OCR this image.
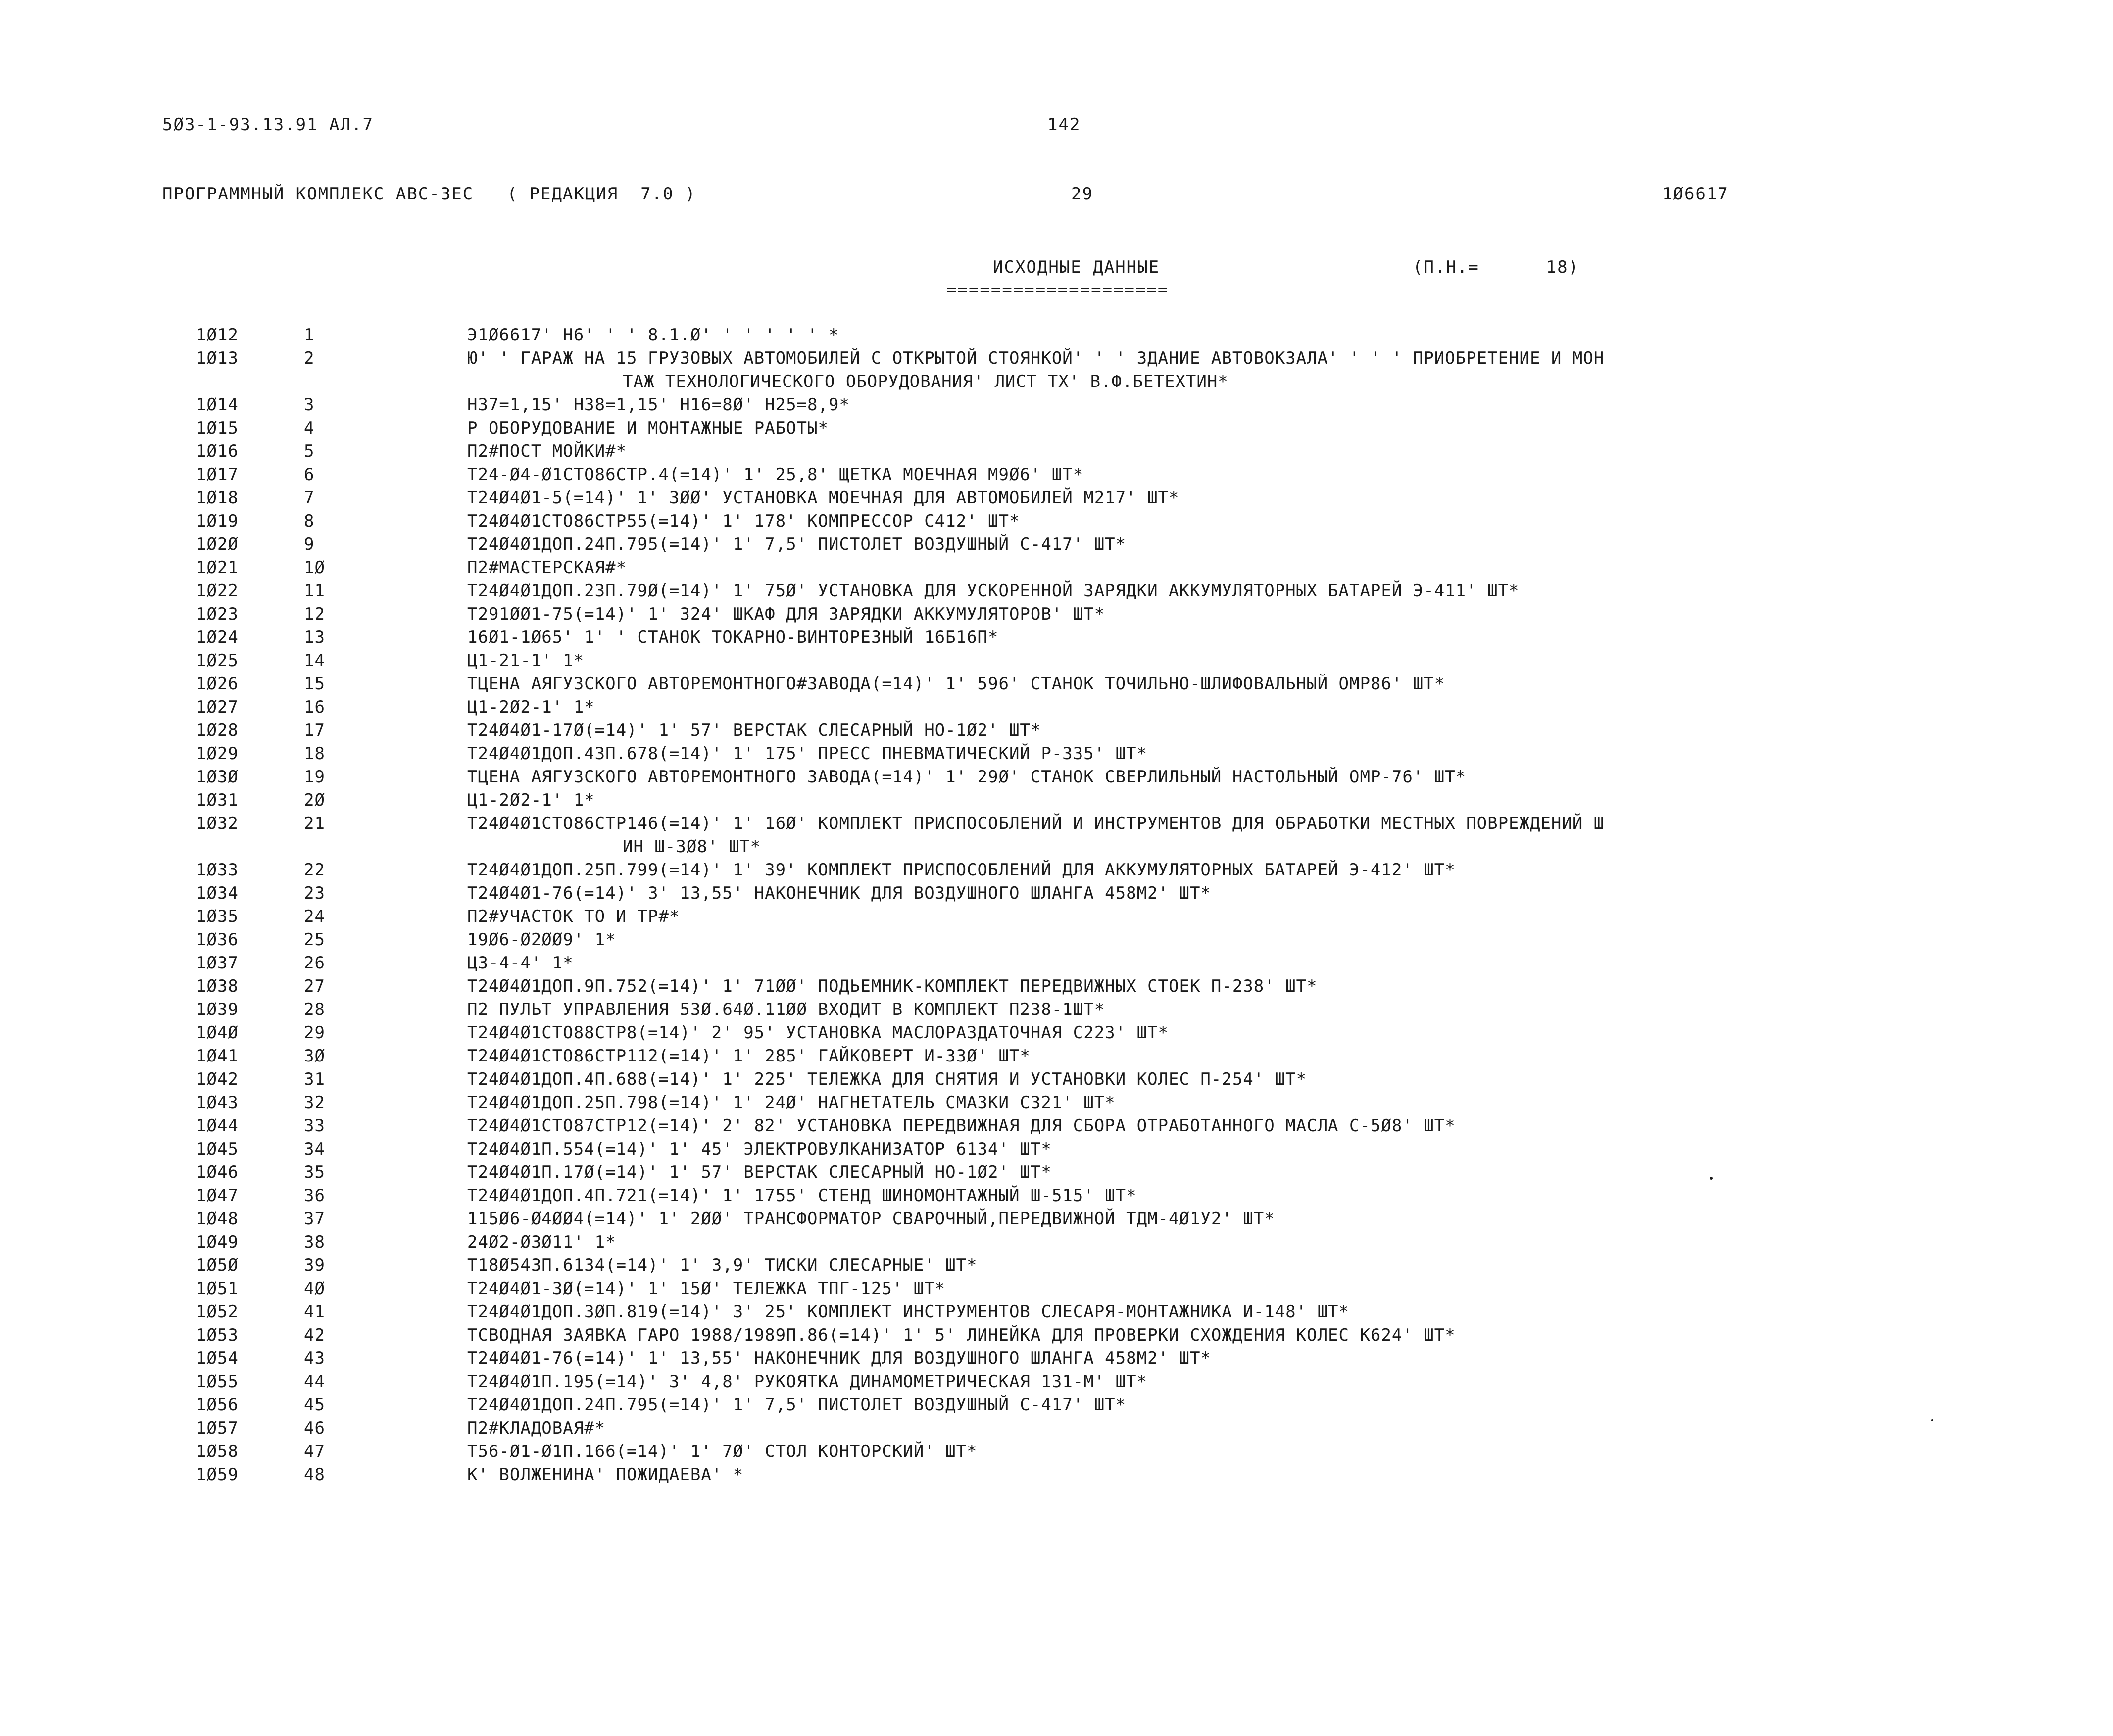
5Ø3-1-93.13.91 АЛ.7	142
ПРОГРАММНЫЙ КОМПЛЕКС АВС-3ЕС   ( РЕДАКЦИЯ  7.0 )	29	1Ø6617
ИСХОДНЫЕ ДАННЫЕ
====================
(П.Н.=      18)
1Ø12	1	Э1Ø6617' Н6' ' ' 8.1.Ø' ' ' ' ' ' *
1Ø13	2	Ю' ' ГАРАЖ НА 15 ГРУЗОВЫХ АВТОМОБИЛЕЙ С ОТКРЫТОЙ СТОЯНКОЙ' ' ' ЗДАНИЕ АВТОВОКЗАЛА' ' ' ' ПРИОБРЕТЕНИЕ И МОН
ТАЖ ТЕХНОЛОГИЧЕСКОГО ОБОРУДОВАНИЯ' ЛИСТ ТХ' В.Ф.БЕТЕХТИН*
1Ø14	3	Н37=1,15' Н38=1,15' Н16=8Ø' Н25=8,9*
1Ø15	4	Р ОБОРУДОВАНИЕ И МОНТАЖНЫЕ РАБОТЫ*
1Ø16	5	П2#ПОСТ МОЙКИ#*
1Ø17	6	Т24-Ø4-Ø1СТО86СТР.4(=14)' 1' 25,8' ЩЕТКА МОЕЧНАЯ М9Ø6' ШТ*
1Ø18	7	Т24Ø4Ø1-5(=14)' 1' 3ØØ' УСТАНОВКА МОЕЧНАЯ ДЛЯ АВТОМОБИЛЕЙ М217' ШТ*
1Ø19	8	Т24Ø4Ø1СТО86СТР55(=14)' 1' 178' КОМПРЕССОР С412' ШТ*
1Ø2Ø	9	Т24Ø4Ø1ДОП.24П.795(=14)' 1' 7,5' ПИСТОЛЕТ ВОЗДУШНЫЙ С-417' ШТ*
1Ø21	1Ø	П2#МАСТЕРСКАЯ#*
1Ø22	11	Т24Ø4Ø1ДОП.23П.79Ø(=14)' 1' 75Ø' УСТАНОВКА ДЛЯ УСКОРЕННОЙ ЗАРЯДКИ АККУМУЛЯТОРНЫХ БАТАРЕЙ Э-411' ШТ*
1Ø23	12	Т291ØØ1-75(=14)' 1' 324' ШКАФ ДЛЯ ЗАРЯДКИ АККУМУЛЯТОРОВ' ШТ*
1Ø24	13	16Ø1-1Ø65' 1' ' СТАНОК ТОКАРНО-ВИНТОРЕЗНЫЙ 16Б16П*
1Ø25	14	Ц1-21-1' 1*
1Ø26	15	ТЦЕНА АЯГУЗСКОГО АВТОРЕМОНТНОГО#ЗАВОДА(=14)' 1' 596' СТАНОК ТОЧИЛЬНО-ШЛИФОВАЛЬНЫЙ ОМР86' ШТ*
1Ø27	16	Ц1-2Ø2-1' 1*
1Ø28	17	Т24Ø4Ø1-17Ø(=14)' 1' 57' ВЕРСТАК СЛЕСАРНЫЙ НО-1Ø2' ШТ*
1Ø29	18	Т24Ø4Ø1ДОП.43П.678(=14)' 1' 175' ПРЕСС ПНЕВМАТИЧЕСКИЙ Р-335' ШТ*
1Ø3Ø	19	ТЦЕНА АЯГУЗСКОГО АВТОРЕМОНТНОГО ЗАВОДА(=14)' 1' 29Ø' СТАНОК СВЕРЛИЛЬНЫЙ НАСТОЛЬНЫЙ ОМР-76' ШТ*
1Ø31	2Ø	Ц1-2Ø2-1' 1*
1Ø32	21	Т24Ø4Ø1СТО86СТР146(=14)' 1' 16Ø' КОМПЛЕКТ ПРИСПОСОБЛЕНИЙ И ИНСТРУМЕНТОВ ДЛЯ ОБРАБОТКИ МЕСТНЫХ ПОВРЕЖДЕНИЙ Ш
ИН Ш-3Ø8' ШТ*
1Ø33	22	Т24Ø4Ø1ДОП.25П.799(=14)' 1' 39' КОМПЛЕКТ ПРИСПОСОБЛЕНИЙ ДЛЯ АККУМУЛЯТОРНЫХ БАТАРЕЙ Э-412' ШТ*
1Ø34	23	Т24Ø4Ø1-76(=14)' 3' 13,55' НАКОНЕЧНИК ДЛЯ ВОЗДУШНОГО ШЛАНГА 458М2' ШТ*
1Ø35	24	П2#УЧАСТОК ТО И ТР#*
1Ø36	25	19Ø6-Ø2ØØ9' 1*
1Ø37	26	Ц3-4-4' 1*
1Ø38	27	Т24Ø4Ø1ДОП.9П.752(=14)' 1' 71ØØ' ПОДЬЕМНИК-КОМПЛЕКТ ПЕРЕДВИЖНЫХ СТОЕК П-238' ШТ*
1Ø39	28	П2 ПУЛЬТ УПРАВЛЕНИЯ 53Ø.64Ø.11ØØ ВХОДИТ В КОМПЛЕКТ П238-1ШТ*
1Ø4Ø	29	Т24Ø4Ø1СТО88СТР8(=14)' 2' 95' УСТАНОВКА МАСЛОРАЗДАТОЧНАЯ С223' ШТ*
1Ø41	3Ø	Т24Ø4Ø1СТО86СТР112(=14)' 1' 285' ГАЙКОВЕРТ И-33Ø' ШТ*
1Ø42	31	Т24Ø4Ø1ДОП.4П.688(=14)' 1' 225' ТЕЛЕЖКА ДЛЯ СНЯТИЯ И УСТАНОВКИ КОЛЕС П-254' ШТ*
1Ø43	32	Т24Ø4Ø1ДОП.25П.798(=14)' 1' 24Ø' НАГНЕТАТЕЛЬ СМАЗКИ С321' ШТ*
1Ø44	33	Т24Ø4Ø1СТО87СТР12(=14)' 2' 82' УСТАНОВКА ПЕРЕДВИЖНАЯ ДЛЯ СБОРА ОТРАБОТАННОГО МАСЛА С-5Ø8' ШТ*
1Ø45	34	Т24Ø4Ø1П.554(=14)' 1' 45' ЭЛЕКТРОВУЛКАНИЗАТОР 6134' ШТ*
1Ø46	35	Т24Ø4Ø1П.17Ø(=14)' 1' 57' ВЕРСТАК СЛЕСАРНЫЙ НО-1Ø2' ШТ*
1Ø47	36	Т24Ø4Ø1ДОП.4П.721(=14)' 1' 1755' СТЕНД ШИНОМОНТАЖНЫЙ Ш-515' ШТ*
1Ø48	37	115Ø6-Ø4ØØ4(=14)' 1' 2ØØ' ТРАНСФОРМАТОР СВАРОЧНЫЙ,ПЕРЕДВИЖНОЙ ТДМ-4Ø1У2' ШТ*
1Ø49	38	24Ø2-Ø3Ø11' 1*
1Ø5Ø	39	Т18Ø543П.6134(=14)' 1' 3,9' ТИСКИ СЛЕСАРНЫЕ' ШТ*
1Ø51	4Ø	Т24Ø4Ø1-3Ø(=14)' 1' 15Ø' ТЕЛЕЖКА ТПГ-125' ШТ*
1Ø52	41	Т24Ø4Ø1ДОП.3ØП.819(=14)' 3' 25' КОМПЛЕКТ ИНСТРУМЕНТОВ СЛЕСАРЯ-МОНТАЖНИКА И-148' ШТ*
1Ø53	42	ТСВОДНАЯ ЗАЯВКА ГАРО 1988/1989П.86(=14)' 1' 5' ЛИНЕЙКА ДЛЯ ПРОВЕРКИ СХОЖДЕНИЯ КОЛЕС К624' ШТ*
1Ø54	43	Т24Ø4Ø1-76(=14)' 1' 13,55' НАКОНЕЧНИК ДЛЯ ВОЗДУШНОГО ШЛАНГА 458М2' ШТ*
1Ø55	44	Т24Ø4Ø1П.195(=14)' 3' 4,8' РУКОЯТКА ДИНАМОМЕТРИЧЕСКАЯ 131-М' ШТ*
1Ø56	45	Т24Ø4Ø1ДОП.24П.795(=14)' 1' 7,5' ПИСТОЛЕТ ВОЗДУШНЫЙ С-417' ШТ*
1Ø57	46	П2#КЛАДОВАЯ#*
1Ø58	47	Т56-Ø1-Ø1П.166(=14)' 1' 7Ø' СТОЛ КОНТОРСКИЙ' ШТ*
1Ø59	48	К' ВОЛЖЕНИНА' ПОЖИДАЕВА' *
